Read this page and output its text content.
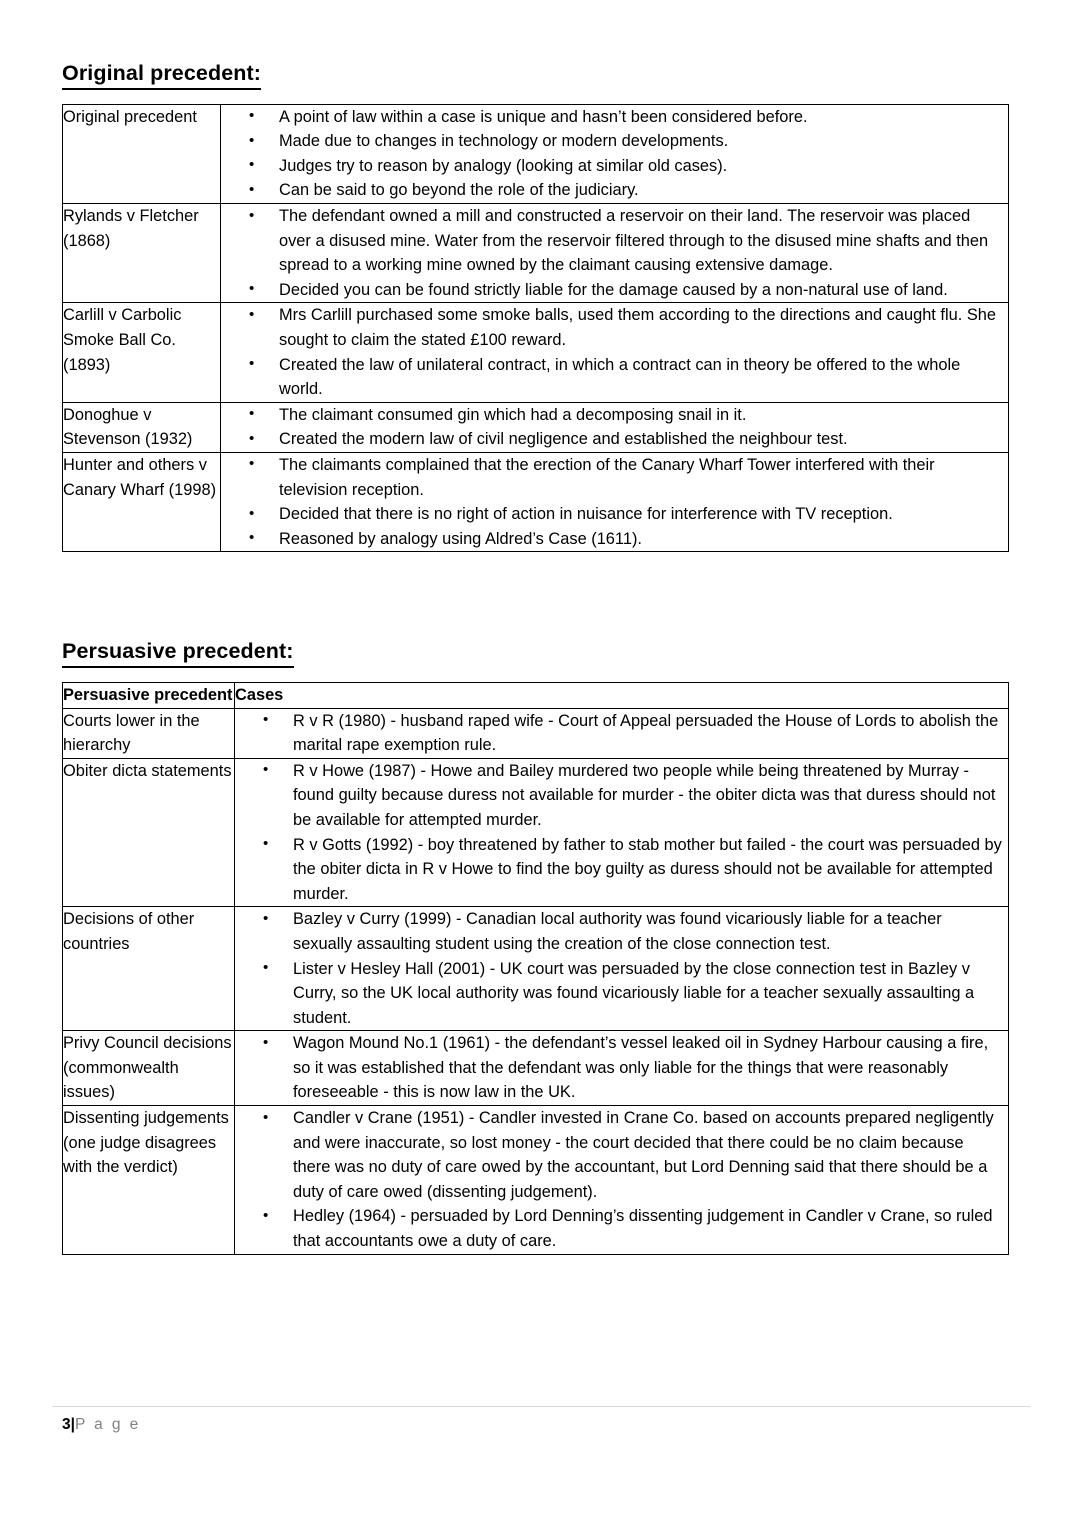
Original precedent:
Original precedent	
•A point of law within a case is unique and hasn’t been considered before.
• Made due to changes in technology or modern developments.
• Judges try to reason by analogy (looking at similar old cases).
• Can be said to go beyond the role of the judiciary.

Rylands v Fletcher (1868)	
• The defendant owned a mill and constructed a reservoir on their land. The reservoir was placed over a disused mine. Water from the reservoir filtered through to the disused mine shafts and then spread to a working mine owned by the claimant causing extensive damage.
• Decided you can be found strictly liable for the damage caused by a non-natural use of land.

Carlill v Carbolic Smoke Ball Co. (1893)	
• Mrs Carlill purchased some smoke balls, used them according to the directions and caught flu. She sought to claim the stated £100 reward.
• Created the law of unilateral contract, in which a contract can in theory be offered to the whole world.

Donoghue v Stevenson (1932)	
• The claimant consumed gin which had a decomposing snail in it.
• Created the modern law of civil negligence and established the neighbour test.

Hunter and others v Canary Wharf (1998)	
• The claimants complained that the erection of the Canary Wharf Tower interfered with their television reception.
• Decided that there is no right of action in nuisance for interference with TV reception.
• Reasoned by analogy using Aldred’s Case (1611).
Persuasive precedent:
Persuasive precedent	Cases
Courts lower in the hierarchy	
• R v R (1980) - husband raped wife - Court of Appeal persuaded the House of Lords to abolish the marital rape exemption rule.

Obiter dicta statements	
•R v Howe (1987) - Howe and Bailey murdered two people while being threatened by Murray - found guilty because duress not available for murder - the obiter dicta was that duress should not be available for attempted murder.
• R v Gotts (1992) - boy threatened by father to stab mother but failed - the court was persuaded by the obiter dicta in R v Howe to find the boy guilty as duress should not be available for attempted murder.

Decisions of other countries	
• Bazley v Curry (1999) - Canadian local authority was found vicariously liable for a teacher sexually assaulting student using the creation of the close connection test.
• Lister v Hesley Hall (2001) - UK court was persuaded by the close connection test in Bazley v Curry, so the UK local authority was found vicariously liable for a teacher sexually assaulting a student.

Privy Council decisions (commonwealth issues)	
• Wagon Mound No.1 (1961) - the defendant’s vessel leaked oil in Sydney Harbour causing a fire, so it was established that the defendant was only liable for the things that were reasonably foreseeable - this is now law in the UK.

Dissenting judgements (one judge disagrees with the verdict)	
• Candler v Crane (1951) - Candler invested in Crane Co. based on accounts prepared negligently and were inaccurate, so lost money - the court decided that there could be no claim because there was no duty of care owed by the accountant, but Lord Denning said that there should be a duty of care owed (dissenting judgement).
• Hedley (1964) - persuaded by Lord Denning’s dissenting judgement in Candler v Crane, so ruled that accountants owe a duty of care.
3|P a g e
